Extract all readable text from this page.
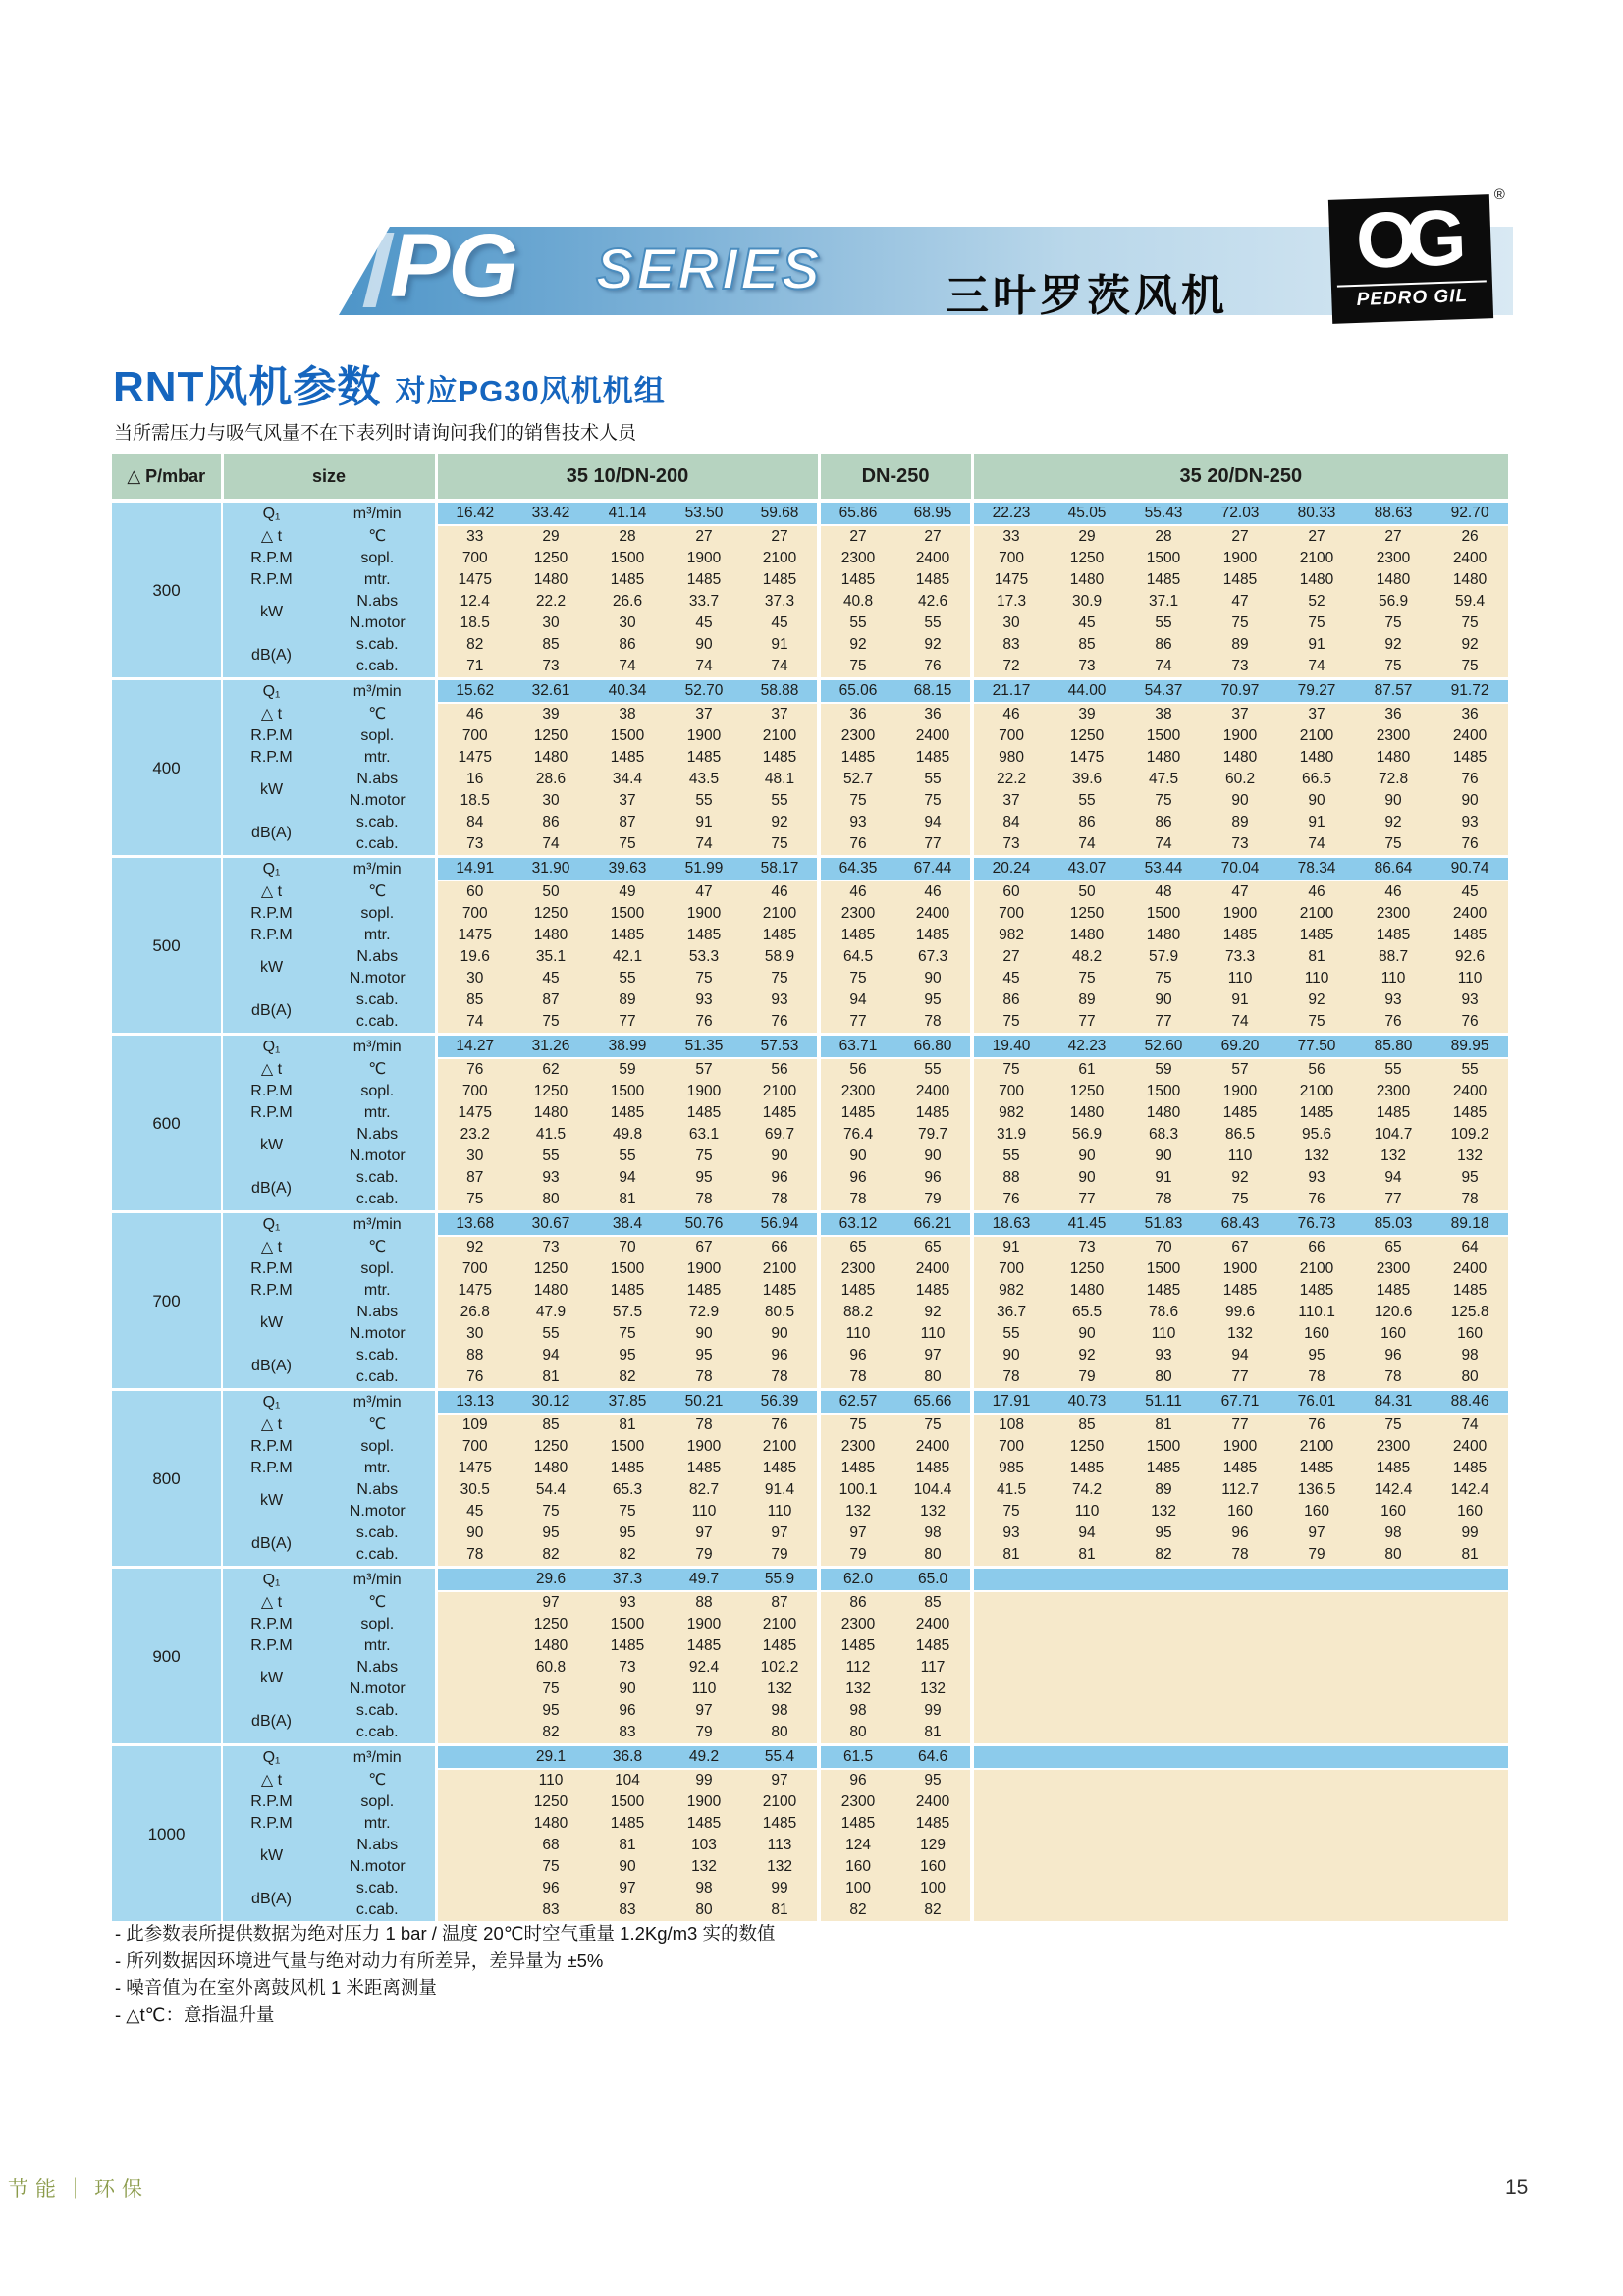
PG SERIES	三叶罗茨风机
®
OG
PEDRO GIL
RNT风机参数 对应PG30风机机组
当所需压力与吸气风量不在下表列时请询问我们的销售技术人员
△ P/mbar	size		35 10/DN-200					DN-250		35 20/DN-250						
300	Q₁	m³/min	16.42	33.42	41.14	53.50	59.68	65.86	68.95	22.23	45.05	55.43	72.03	80.33	88.63	92.70
	△ t	℃	33	29	28	27	27	27	27	33	29	28	27	27	27	26
	R.P.M	sopl.	700	1250	1500	1900	2100	2300	2400	700	1250	1500	1900	2100	2300	2400
	R.P.M	mtr.	1475	1480	1485	1485	1485	1485	1485	1475	1480	1485	1485	1480	1480	1480
	kW	N.abs	12.4	22.2	26.6	33.7	37.3	40.8	42.6	17.3	30.9	37.1	47	52	56.9	59.4
		N.motor	18.5	30	30	45	45	55	55	30	45	55	75	75	75	75
	dB(A)	s.cab.	82	85	86	90	91	92	92	83	85	86	89	91	92	92
		c.cab.	71	73	74	74	74	75	76	72	73	74	73	74	75	75
400	Q₁	m³/min	15.62	32.61	40.34	52.70	58.88	65.06	68.15	21.17	44.00	54.37	70.97	79.27	87.57	91.72
	△ t	℃	46	39	38	37	37	36	36	46	39	38	37	37	36	36
	R.P.M	sopl.	700	1250	1500	1900	2100	2300	2400	700	1250	1500	1900	2100	2300	2400
	R.P.M	mtr.	1475	1480	1485	1485	1485	1485	1485	980	1475	1480	1480	1480	1480	1485
	kW	N.abs	16	28.6	34.4	43.5	48.1	52.7	55	22.2	39.6	47.5	60.2	66.5	72.8	76
		N.motor	18.5	30	37	55	55	75	75	37	55	75	90	90	90	90
	dB(A)	s.cab.	84	86	87	91	92	93	94	84	86	86	89	91	92	93
		c.cab.	73	74	75	74	75	76	77	73	74	74	73	74	75	76
500	Q₁	m³/min	14.91	31.90	39.63	51.99	58.17	64.35	67.44	20.24	43.07	53.44	70.04	78.34	86.64	90.74
	△ t	℃	60	50	49	47	46	46	46	60	50	48	47	46	46	45
	R.P.M	sopl.	700	1250	1500	1900	2100	2300	2400	700	1250	1500	1900	2100	2300	2400
	R.P.M	mtr.	1475	1480	1485	1485	1485	1485	1485	982	1480	1480	1485	1485	1485	1485
	kW	N.abs	19.6	35.1	42.1	53.3	58.9	64.5	67.3	27	48.2	57.9	73.3	81	88.7	92.6
		N.motor	30	45	55	75	75	75	90	45	75	75	110	110	110	110
	dB(A)	s.cab.	85	87	89	93	93	94	95	86	89	90	91	92	93	93
		c.cab.	74	75	77	76	76	77	78	75	77	77	74	75	76	76
600	Q₁	m³/min	14.27	31.26	38.99	51.35	57.53	63.71	66.80	19.40	42.23	52.60	69.20	77.50	85.80	89.95
	△ t	℃	76	62	59	57	56	56	55	75	61	59	57	56	55	55
	R.P.M	sopl.	700	1250	1500	1900	2100	2300	2400	700	1250	1500	1900	2100	2300	2400
	R.P.M	mtr.	1475	1480	1485	1485	1485	1485	1485	982	1480	1480	1485	1485	1485	1485
	kW	N.abs	23.2	41.5	49.8	63.1	69.7	76.4	79.7	31.9	56.9	68.3	86.5	95.6	104.7	109.2
		N.motor	30	55	55	75	90	90	90	55	90	90	110	132	132	132
	dB(A)	s.cab.	87	93	94	95	96	96	96	88	90	91	92	93	94	95
		c.cab.	75	80	81	78	78	78	79	76	77	78	75	76	77	78
700	Q₁	m³/min	13.68	30.67	38.4	50.76	56.94	63.12	66.21	18.63	41.45	51.83	68.43	76.73	85.03	89.18
	△ t	℃	92	73	70	67	66	65	65	91	73	70	67	66	65	64
	R.P.M	sopl.	700	1250	1500	1900	2100	2300	2400	700	1250	1500	1900	2100	2300	2400
	R.P.M	mtr.	1475	1480	1485	1485	1485	1485	1485	982	1480	1485	1485	1485	1485	1485
	kW	N.abs	26.8	47.9	57.5	72.9	80.5	88.2	92	36.7	65.5	78.6	99.6	110.1	120.6	125.8
		N.motor	30	55	75	90	90	110	110	55	90	110	132	160	160	160
	dB(A)	s.cab.	88	94	95	95	96	96	97	90	92	93	94	95	96	98
		c.cab.	76	81	82	78	78	78	80	78	79	80	77	78	78	80
800	Q₁	m³/min	13.13	30.12	37.85	50.21	56.39	62.57	65.66	17.91	40.73	51.11	67.71	76.01	84.31	88.46
	△ t	℃	109	85	81	78	76	75	75	108	85	81	77	76	75	74
	R.P.M	sopl.	700	1250	1500	1900	2100	2300	2400	700	1250	1500	1900	2100	2300	2400
	R.P.M	mtr.	1475	1480	1485	1485	1485	1485	1485	985	1485	1485	1485	1485	1485	1485
	kW	N.abs	30.5	54.4	65.3	82.7	91.4	100.1	104.4	41.5	74.2	89	112.7	136.5	142.4	142.4
		N.motor	45	75	75	110	110	132	132	75	110	132	160	160	160	160
	dB(A)	s.cab.	90	95	95	97	97	97	98	93	94	95	96	97	98	99
		c.cab.	78	82	82	79	79	79	80	81	81	82	78	79	80	81
900	Q₁	m³/min		29.6	37.3	49.7	55.9	62.0	65.0							
	△ t	℃		97	93	88	87	86	85							
	R.P.M	sopl.		1250	1500	1900	2100	2300	2400							
	R.P.M	mtr.		1480	1485	1485	1485	1485	1485							
	kW	N.abs		60.8	73	92.4	102.2	112	117							
		N.motor		75	90	110	132	132	132							
	dB(A)	s.cab.		95	96	97	98	98	99							
		c.cab.		82	83	79	80	80	81							
1000	Q₁	m³/min		29.1	36.8	49.2	55.4	61.5	64.6							
	△ t	℃		110	104	99	97	96	95							
	R.P.M	sopl.		1250	1500	1900	2100	2300	2400							
	R.P.M	mtr.		1480	1485	1485	1485	1485	1485							
	kW	N.abs		68	81	103	113	124	129							
		N.motor		75	90	132	132	160	160							
	dB(A)	s.cab.		96	97	98	99	100	100							
		c.cab.		83	83	80	81	82	82							
- 此参数表所提供数据为绝对压力 1 bar / 温度 20℃时空气重量 1.2Kg/m3 实的数值
- 所列数据因环境进气量与绝对动力有所差异，差异量为 ±5%
- 噪音值为在室外离鼓风机 1 米距离测量
- △t℃：意指温升量
节能 ｜ 环保	15
